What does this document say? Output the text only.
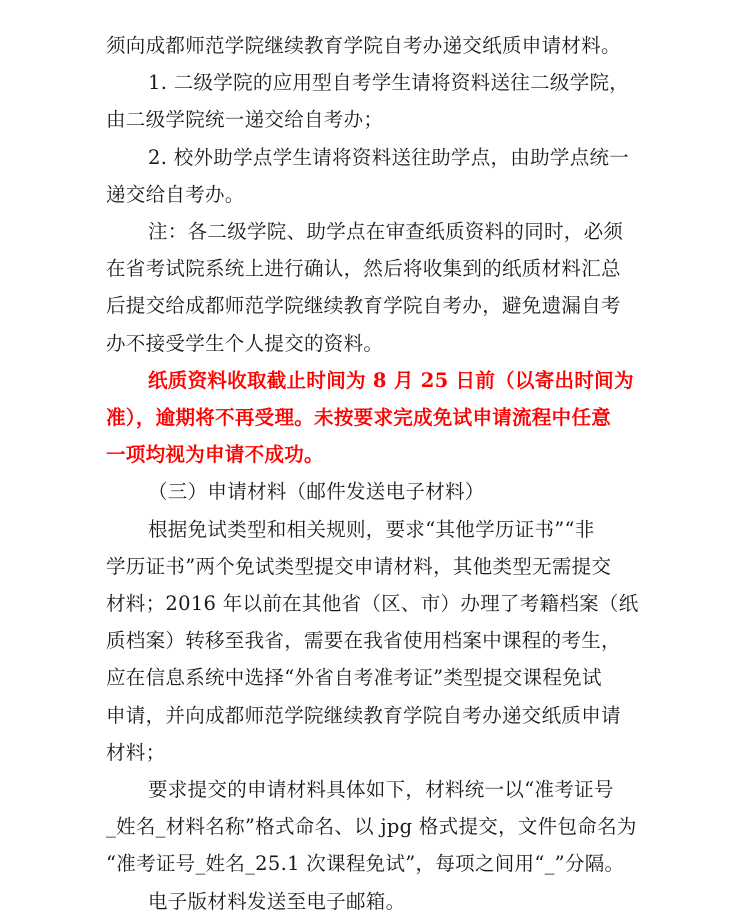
须向成都师范学院继续教育学院自考办递交纸质申请材料。
1. 二级学院的应用型自考学生请将资料送往二级学院，
由二级学院统一递交给自考办；
2. 校外助学点学生请将资料送往助学点，由助学点统一
递交给自考办。
注：各二级学院、助学点在审查纸质资料的同时，必须
在省考试院系统上进行确认，然后将收集到的纸质材料汇总
后提交给成都师范学院继续教育学院自考办，避免遗漏自考
办不接受学生个人提交的资料。
纸质资料收取截止时间为 8 月 25 日前（以寄出时间为
准），逾期将不再受理。未按要求完成免试申请流程中任意
一项均视为申请不成功。
（三）申请材料（邮件发送电子材料）
根据免试类型和相关规则，要求“其他学历证书”“非
学历证书”两个免试类型提交申请材料，其他类型无需提交
材料；2016 年以前在其他省（区、市）办理了考籍档案（纸
质档案）转移至我省，需要在我省使用档案中课程的考生，
应在信息系统中选择“外省自考准考证”类型提交课程免试
申请，并向成都师范学院继续教育学院自考办递交纸质申请
材料；
要求提交的申请材料具体如下，材料统一以“准考证号
_姓名_材料名称”格式命名、以 jpg 格式提交，文件包命名为
“准考证号_姓名_25.1 次课程免试”，每项之间用“_”分隔。
电子版材料发送至电子邮箱。
